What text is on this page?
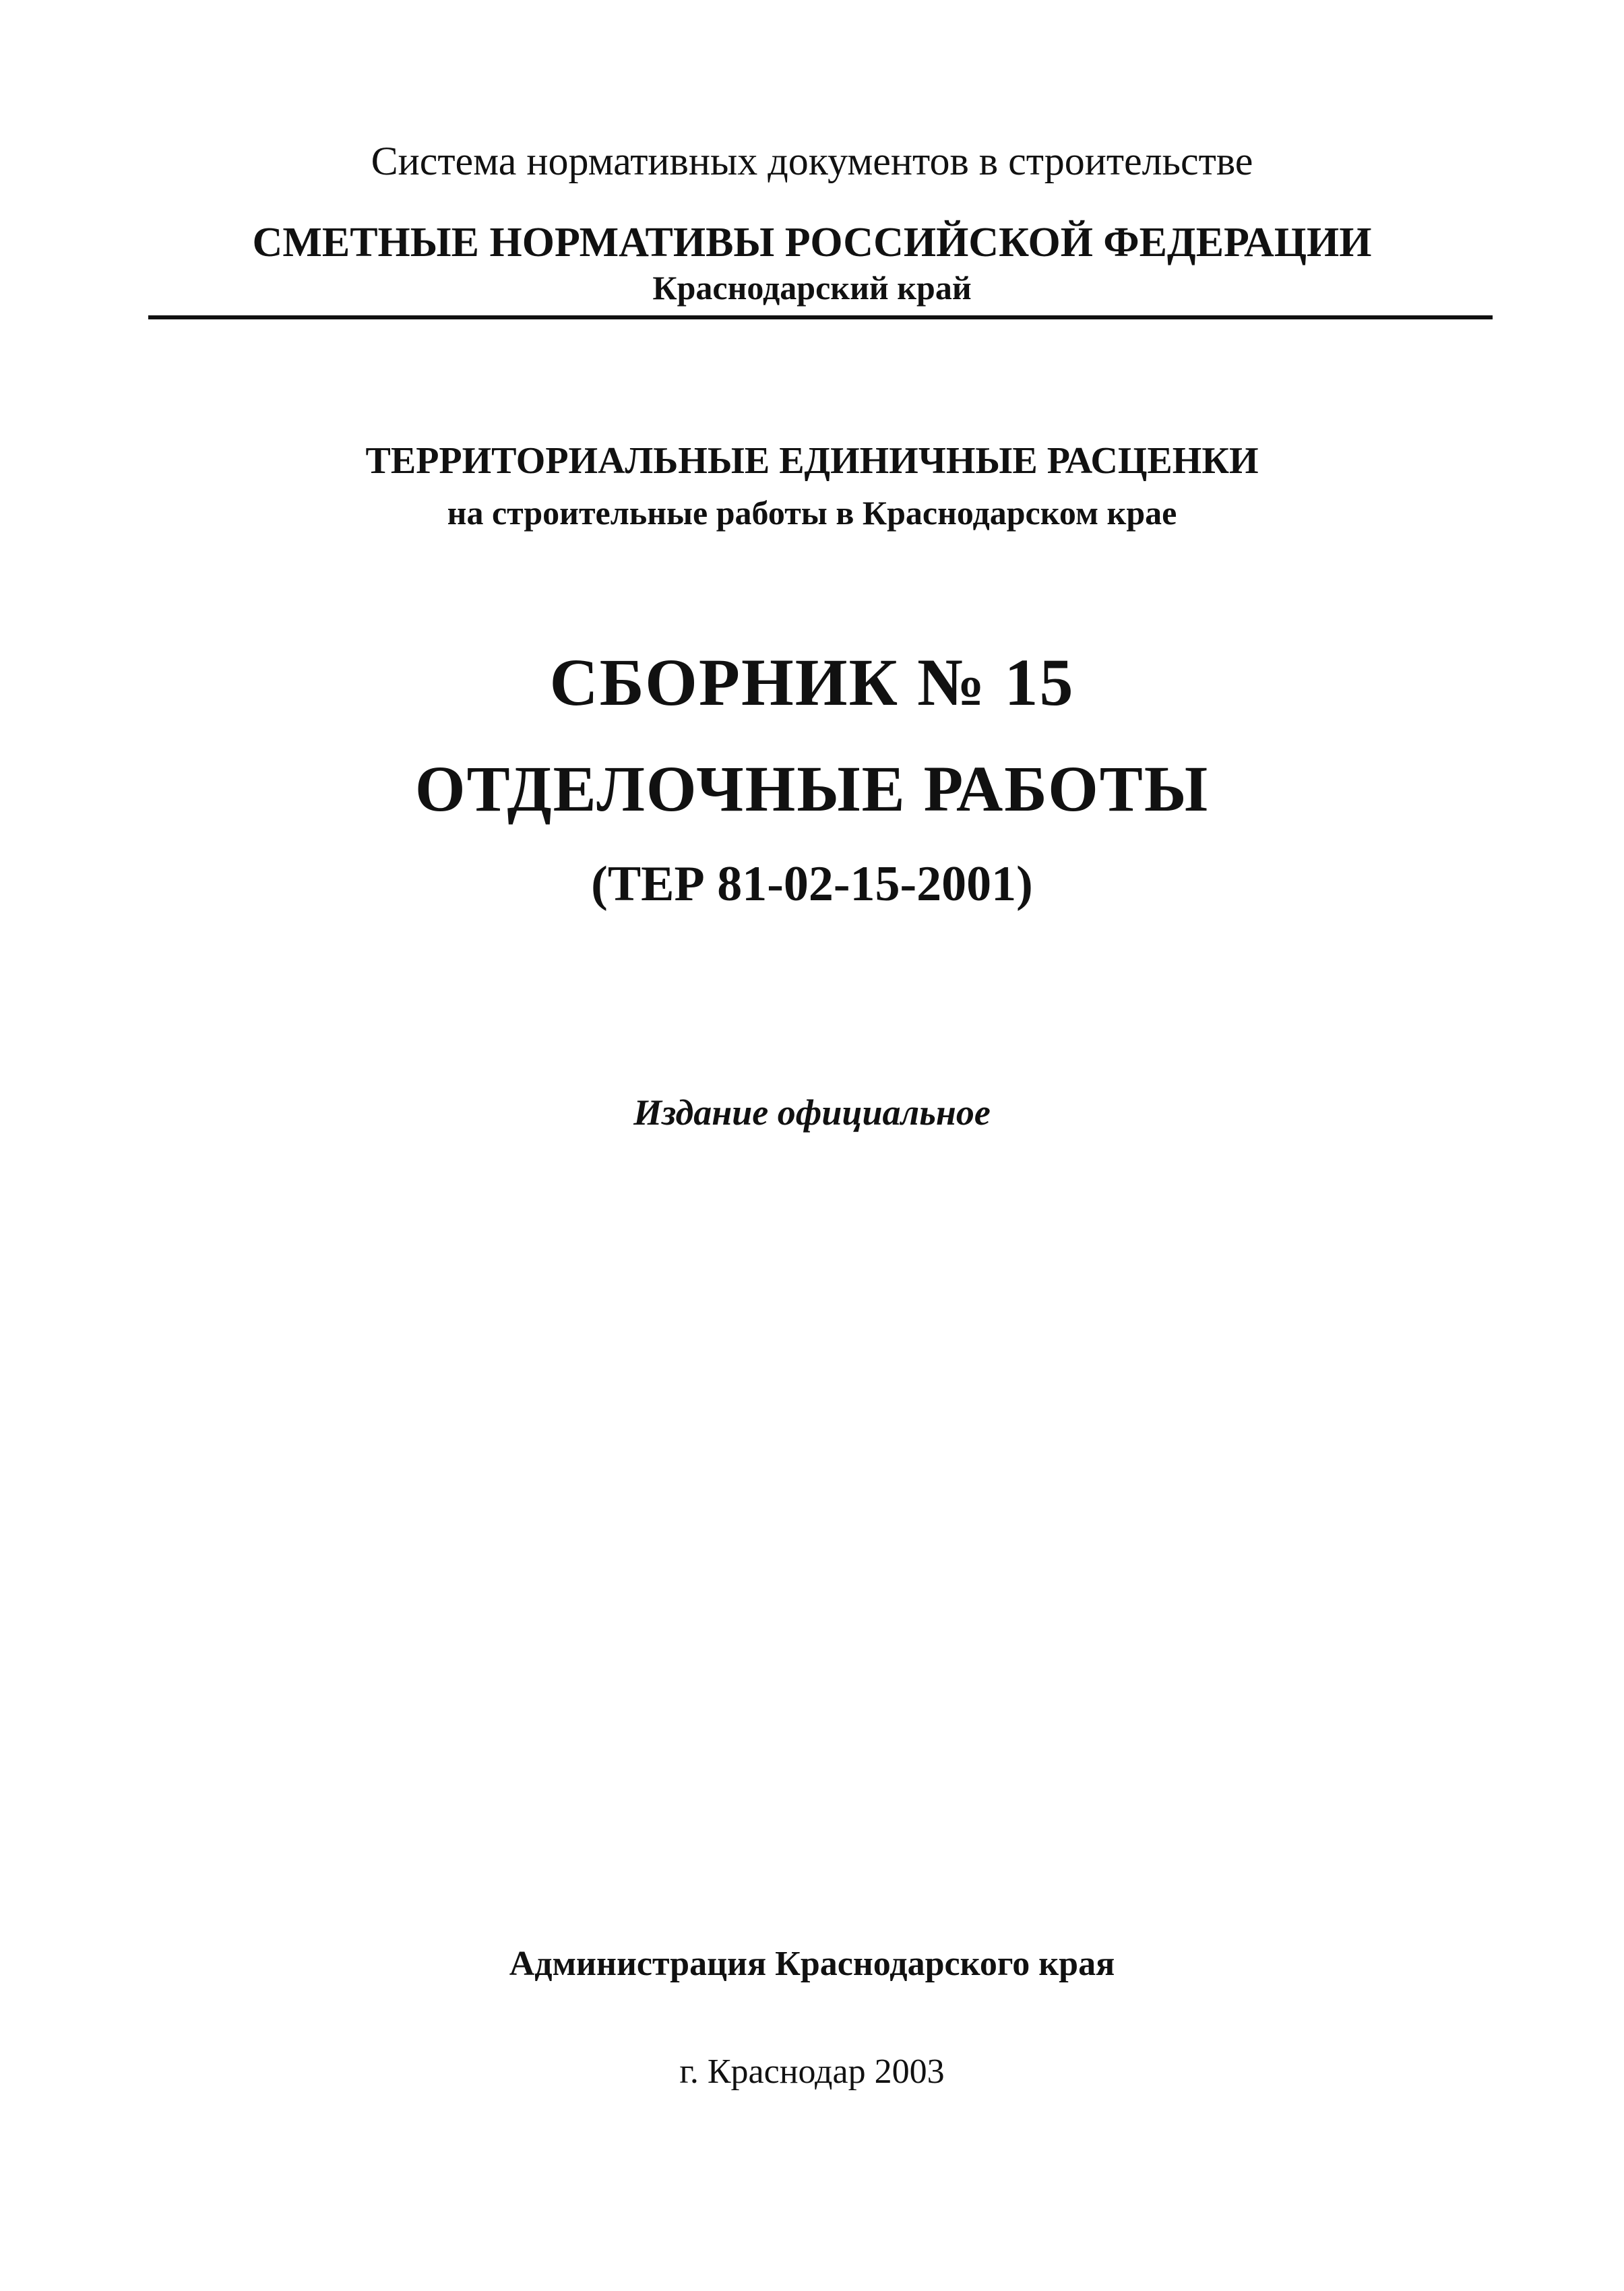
Система нормативных документов в строительстве

СМЕТНЫЕ НОРМАТИВЫ РОССИЙСКОЙ ФЕДЕРАЦИИ

Краснодарский край

ТЕРРИТОРИАЛЬНЫЕ ЕДИНИЧНЫЕ РАСЦЕНКИ

на строительные работы в Краснодарском крае

СБОРНИК № 15

ОТДЕЛОЧНЫЕ РАБОТЫ

(ТЕР 81-02-15-2001)

Издание официальное

Администрация Краснодарского края

г. Краснодар 2003
